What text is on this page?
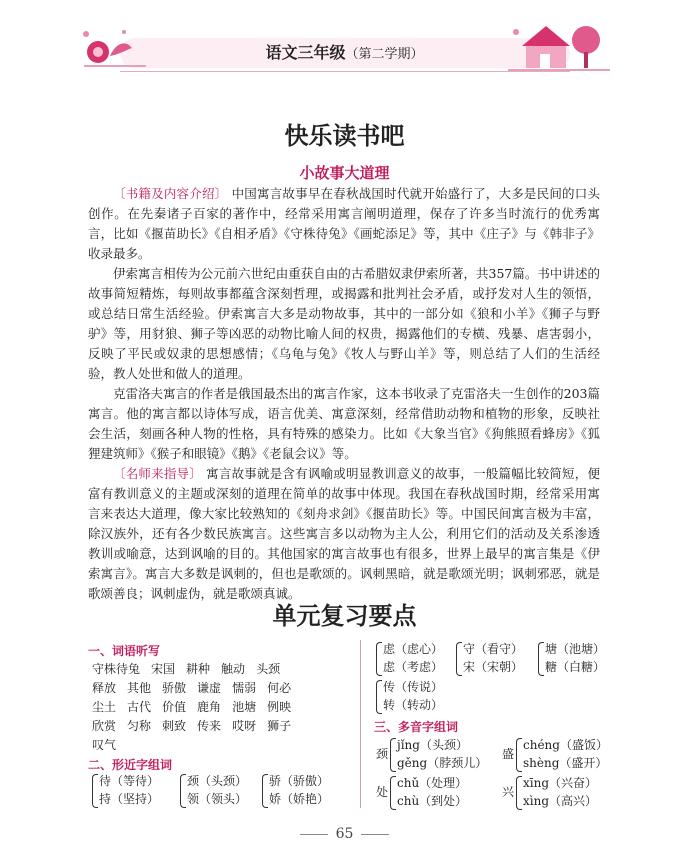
语文三年级（第二学期）
快乐读书吧
小故事大道理

〔书籍及内容介绍〕 中国寓言故事早在春秋战国时代就开始盛行了，大多是民间的口头创作。在先秦诸子百家的著作中，经常采用寓言阐明道理，保存了许多当时流行的优秀寓言，比如《揠苗助长》《自相矛盾》《守株待兔》《画蛇添足》等，其中《庄子》与《韩非子》收录最多。

伊索寓言相传为公元前六世纪由重获自由的古希腊奴隶伊索所著，共357篇。书中讲述的故事简短精炼，每则故事都蕴含深刻哲理，或揭露和批判社会矛盾，或抒发对人生的领悟，或总结日常生活经验。伊索寓言大多是动物故事，其中的一部分如《狼和小羊》《狮子与野驴》等，用豺狼、狮子等凶恶的动物比喻人间的权贵，揭露他们的专横、残暴、虐害弱小，反映了平民或奴隶的思想感情；《乌龟与兔》《牧人与野山羊》等，则总结了人们的生活经验，教人处世和做人的道理。

克雷洛夫寓言的作者是俄国最杰出的寓言作家，这本书收录了克雷洛夫一生创作的203篇寓言。他的寓言都以诗体写成，语言优美、寓意深刻，经常借助动物和植物的形象，反映社会生活，刻画各种人物的性格，具有特殊的感染力。比如《大象当官》《狗熊照看蜂房》《狐狸建筑师》《猴子和眼镜》《鹅》《老鼠会议》等。

〔名师来指导〕 寓言故事就是含有讽喻或明显教训意义的故事，一般篇幅比较简短，便富有教训意义的主题或深刻的道理在简单的故事中体现。我国在春秋战国时期，经常采用寓言来表达大道理，像大家比较熟知的《刻舟求剑》《揠苗助长》等。中国民间寓言极为丰富，除汉族外，还有各少数民族寓言。这些寓言多以动物为主人公，利用它们的活动及关系渗透教训或喻意，达到讽喻的目的。其他国家的寓言故事也有很多，世界上最早的寓言集是《伊索寓言》。寓言大多数是讽刺的，但也是歌颂的。讽刺黑暗，就是歌颂光明；讽刺邪恶，就是歌颂善良；讽刺虚伪，就是歌颂真诚。

单元复习要点
一、词语听写
守株待兔 宋国 耕种 触动 头颈
释放 其他 骄傲 谦虚 懦弱 何必
尘土 古代 价值 鹿角 池塘 例映
欣赏 匀称 刺致 传来 哎呀 狮子
叹气
二、形近字组词
待（等待）
持（坚持）
颈（头颈）
领（领头）
骄（骄傲）
娇（娇艳）
虑（虑心）
虑（考虑）
守（看守）
宋（宋朝）
塘（池塘）
糖（白糖）
传（传说）
转（转动）
三、多音字组词
颈
jǐng（头颈）
gěng（脖颈儿）
盛
chéng（盛饭）
shèng（盛开）
处
chǔ（处理）
chù（到处）
兴
xīng（兴奋）
xìng（高兴）
65
